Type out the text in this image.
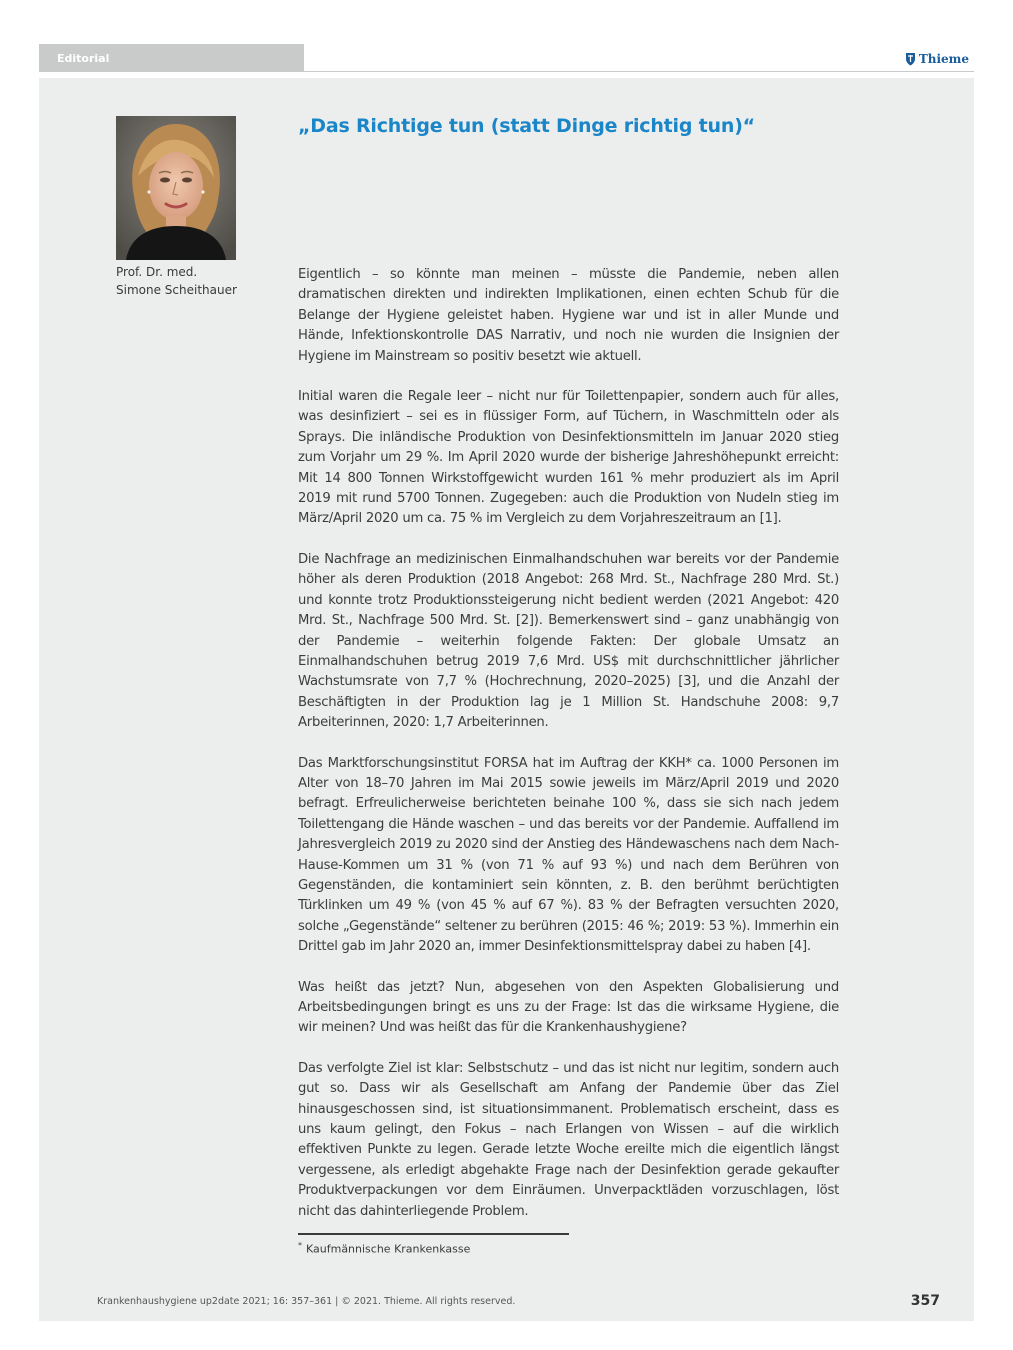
Editorial	Thieme
Prof. Dr. med.
Simone Scheithauer
„Das Richtige tun (statt Dinge richtig tun)“

Eigentlich – so könnte man meinen – müsste die Pandemie, neben allen dramatischen direkten und indirekten Implikationen, einen echten Schub für die Belange der Hygiene geleistet haben. Hygiene war und ist in aller Munde und Hände, Infektionskontrolle DAS Narrativ, und noch nie wurden die Insignien der Hygiene im Mainstream so positiv besetzt wie aktuell.

Initial waren die Regale leer – nicht nur für Toilettenpapier, sondern auch für alles, was desinfiziert – sei es in flüssiger Form, auf Tüchern, in Waschmitteln oder als Sprays. Die inländische Produktion von Desinfektionsmitteln im Januar 2020 stieg zum Vorjahr um 29 %. Im April 2020 wurde der bisherige Jahreshöhepunkt erreicht: Mit 14 800 Tonnen Wirkstoffgewicht wurden 161 % mehr produziert als im April 2019 mit rund 5700 Tonnen. Zugegeben: auch die Produktion von Nudeln stieg im März/April 2020 um ca. 75 % im Vergleich zu dem Vorjahreszeitraum an [1].

Die Nachfrage an medizinischen Einmalhandschuhen war bereits vor der Pandemie höher als deren Produktion (2018 Angebot: 268 Mrd. St., Nachfrage 280 Mrd. St.) und konnte trotz Produktionssteigerung nicht bedient werden (2021 Angebot: 420 Mrd. St., Nachfrage 500 Mrd. St. [2]). Bemerkenswert sind – ganz unabhängig von der Pandemie – weiterhin folgende Fakten: Der globale Umsatz an Einmalhandschuhen betrug 2019 7,6 Mrd. US$ mit durchschnittlicher jährlicher Wachstumsrate von 7,7 % (Hochrechnung, 2020–2025) [3], und die Anzahl der Beschäftigten in der Produktion lag je 1 Million St. Handschuhe 2008: 9,7 Arbeiterinnen, 2020: 1,7 Arbeiterinnen.

Das Marktforschungsinstitut FORSA hat im Auftrag der KKH* ca. 1000 Personen im Alter von 18–70 Jahren im Mai 2015 sowie jeweils im März/April 2019 und 2020 befragt. Erfreulicherweise berichteten beinahe 100 %, dass sie sich nach jedem Toilettengang die Hände waschen – und das bereits vor der Pandemie. Auffallend im Jahresvergleich 2019 zu 2020 sind der Anstieg des Händewaschens nach dem Nach-Hause-Kommen um 31 % (von 71 % auf 93 %) und nach dem Berühren von Gegenständen, die kontaminiert sein könnten, z. B. den berühmt berüchtigten Türklinken um 49 % (von 45 % auf 67 %). 83 % der Befragten versuchten 2020, solche „Gegenstände“ seltener zu berühren (2015: 46 %; 2019: 53 %). Immerhin ein Drittel gab im Jahr 2020 an, immer Desinfektionsmittelspray dabei zu haben [4].

Was heißt das jetzt? Nun, abgesehen von den Aspekten Globalisierung und Arbeitsbedingungen bringt es uns zu der Frage: Ist das die wirksame Hygiene, die wir meinen? Und was heißt das für die Krankenhaushygiene?

Das verfolgte Ziel ist klar: Selbstschutz – und das ist nicht nur legitim, sondern auch gut so. Dass wir als Gesellschaft am Anfang der Pandemie über das Ziel hinausgeschossen sind, ist situationsimmanent. Problematisch erscheint, dass es uns kaum gelingt, den Fokus – nach Erlangen von Wissen – auf die wirklich effektiven Punkte zu legen. Gerade letzte Woche ereilte mich die eigentlich längst vergessene, als erledigt abgehakte Frage nach der Desinfektion gerade gekaufter Produktverpackungen vor dem Einräumen. Unverpacktläden vorzuschlagen, löst nicht das dahinterliegende Problem.

* Kaufmännische Krankenkasse
Krankenhaushygiene up2date 2021; 16: 357–361 | © 2021. Thieme. All rights reserved.	357
